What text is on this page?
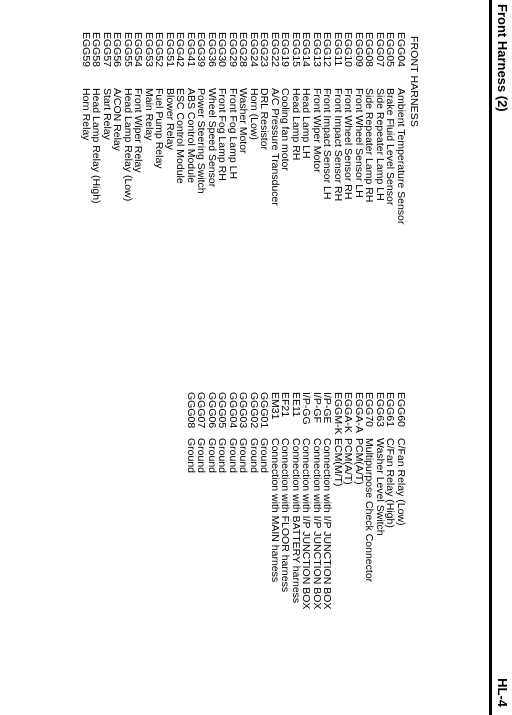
Front Harness (2)
HL-4
FRONT HARNESS
EGG04
Ambient Temperature Sensor
EGG05
Brake Fluid Level Sensor
EGG07
Side Repeater Lamp LH
EGG08
Side Repeater Lamp RH
EGG09
Front Wheel Sensor LH
EGG10
Front Wheel Sensor RH
EGG11
Front Impact Sensor RH
EGG12
Front Impact Sensor LH
EGG13
Front Wiper Motor
EGG14
Head Lamp LH
EGG15
Head Lamp RH
EGG19
Cooling fan motor
EGG22
A/C Pressure Transducer
EGG23
DRL Resistor
EGG24
Horn (Low)
EGG28
Washer Motor
EGG29
Front Fog Lamp LH
EGG30
Front Fog Lamp RH
EGG36
Wheel Speed Sensor
EGG39
Power Steering Switch
EGG41
ABS Control Module
EGG42
ESC Control Module
EGG51
Blower Relay
EGG52
Fuel Pump Relay
EGG53
Main Relay
EGG54
Front Wiper Relay
EGG55
Head Lamp Relay (Low)
EGG56
A/CON Relay
EGG57
Start Relay
EGG58
Head Lamp Relay (High)
EGG59
Horn Relay
EGG60
C/Fan Relay (Low)
EGG61
C/Fan Relay (High)
EGG63
Washer Level Switch
EGG70
Multipurpose Check Connector
EGGA-A
PCM(A/T)
EGGA-K
PCM(A/T)
EGGM-K
ECM(M/T)
I/P-GE
Connection with I/P JUNCTION BOX
I/P-GF
Connection with I/P JUNCTION BOX
I/P-GG
Connection with I/P JUNCTION BOX
EE11
Connection with BATTERY harness
EF21
Connection with FLOOR harness
EM31
Connection with MAIN harness
GGG01
Ground
GGG02
Ground
GGG03
Ground
GGG04
Ground
GGG05
Ground
GGG06
Ground
GGG07
Ground
GGG08
Ground
